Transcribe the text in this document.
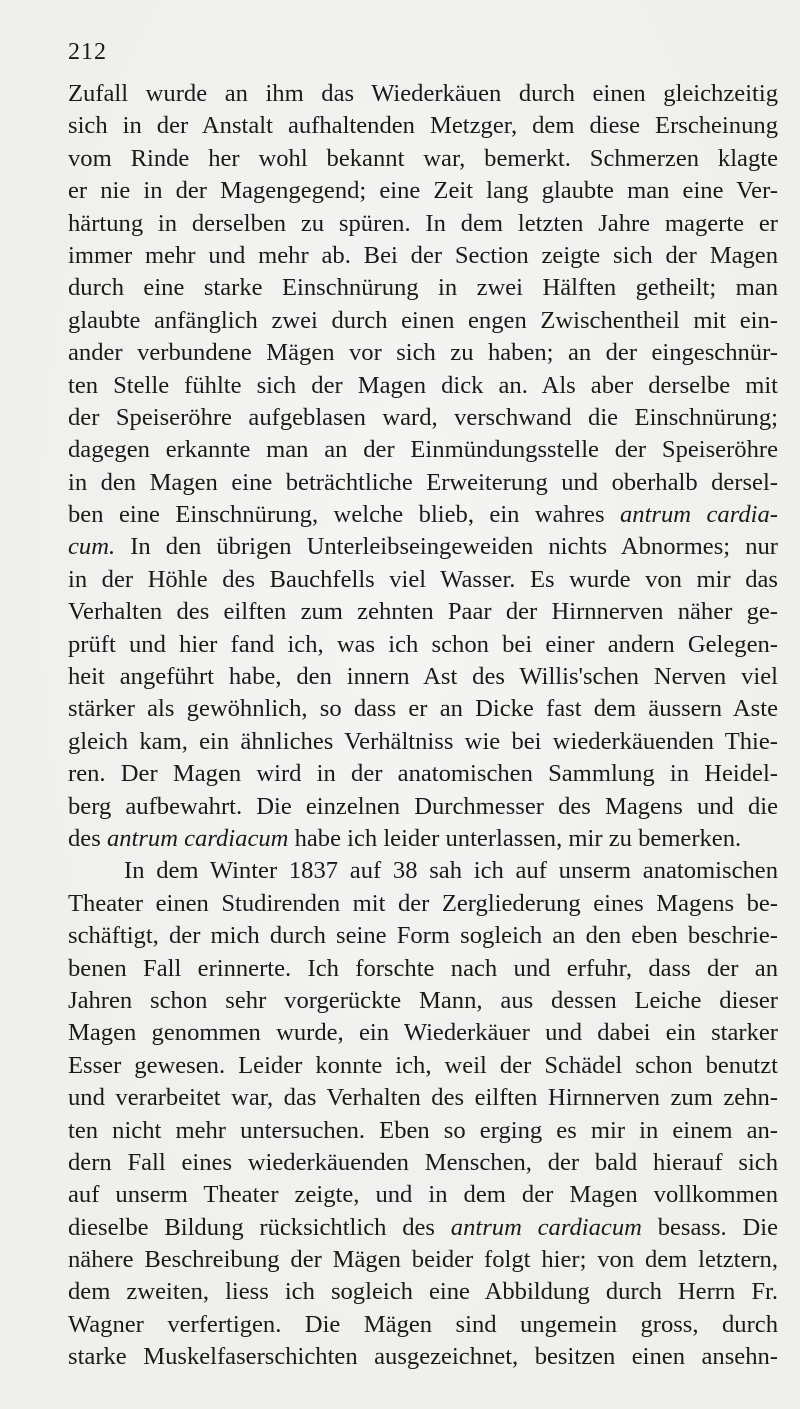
212
Zufall wurde an ihm das Wiederkäuen durch einen gleichzeitig
sich in der Anstalt aufhaltenden Metzger, dem diese Erscheinung
vom Rinde her wohl bekannt war, bemerkt. Schmerzen klagte
er nie in der Magengegend; eine Zeit lang glaubte man eine Ver-
härtung in derselben zu spüren. In dem letzten Jahre magerte er
immer mehr und mehr ab. Bei der Section zeigte sich der Magen
durch eine starke Einschnürung in zwei Hälften getheilt; man
glaubte anfänglich zwei durch einen engen Zwischentheil mit ein-
ander verbundene Mägen vor sich zu haben; an der eingeschnür-
ten Stelle fühlte sich der Magen dick an. Als aber derselbe mit
der Speiseröhre aufgeblasen ward, verschwand die Einschnürung;
dagegen erkannte man an der Einmündungsstelle der Speiseröhre
in den Magen eine beträchtliche Erweiterung und oberhalb dersel-
ben eine Einschnürung, welche blieb, ein wahres antrum cardia-
cum. In den übrigen Unterleibseingeweiden nichts Abnormes; nur
in der Höhle des Bauchfells viel Wasser. Es wurde von mir das
Verhalten des eilften zum zehnten Paar der Hirnnerven näher ge-
prüft und hier fand ich, was ich schon bei einer andern Gelegen-
heit angeführt habe, den innern Ast des Willis'schen Nerven viel
stärker als gewöhnlich, so dass er an Dicke fast dem äussern Aste
gleich kam, ein ähnliches Verhältniss wie bei wiederkäuenden Thie-
ren. Der Magen wird in der anatomischen Sammlung in Heidel-
berg aufbewahrt. Die einzelnen Durchmesser des Magens und die
des antrum cardiacum habe ich leider unterlassen, mir zu bemerken.
In dem Winter 1837 auf 38 sah ich auf unserm anatomischen
Theater einen Studirenden mit der Zergliederung eines Magens be-
schäftigt, der mich durch seine Form sogleich an den eben beschrie-
benen Fall erinnerte. Ich forschte nach und erfuhr, dass der an
Jahren schon sehr vorgerückte Mann, aus dessen Leiche dieser
Magen genommen wurde, ein Wiederkäuer und dabei ein starker
Esser gewesen. Leider konnte ich, weil der Schädel schon benutzt
und verarbeitet war, das Verhalten des eilften Hirnnerven zum zehn-
ten nicht mehr untersuchen. Eben so erging es mir in einem an-
dern Fall eines wiederkäuenden Menschen, der bald hierauf sich
auf unserm Theater zeigte, und in dem der Magen vollkommen
dieselbe Bildung rücksichtlich des antrum cardiacum besass. Die
nähere Beschreibung der Mägen beider folgt hier; von dem letztern,
dem zweiten, liess ich sogleich eine Abbildung durch Herrn Fr.
Wagner verfertigen. Die Mägen sind ungemein gross, durch
starke Muskelfaserschichten ausgezeichnet, besitzen einen ansehn-
